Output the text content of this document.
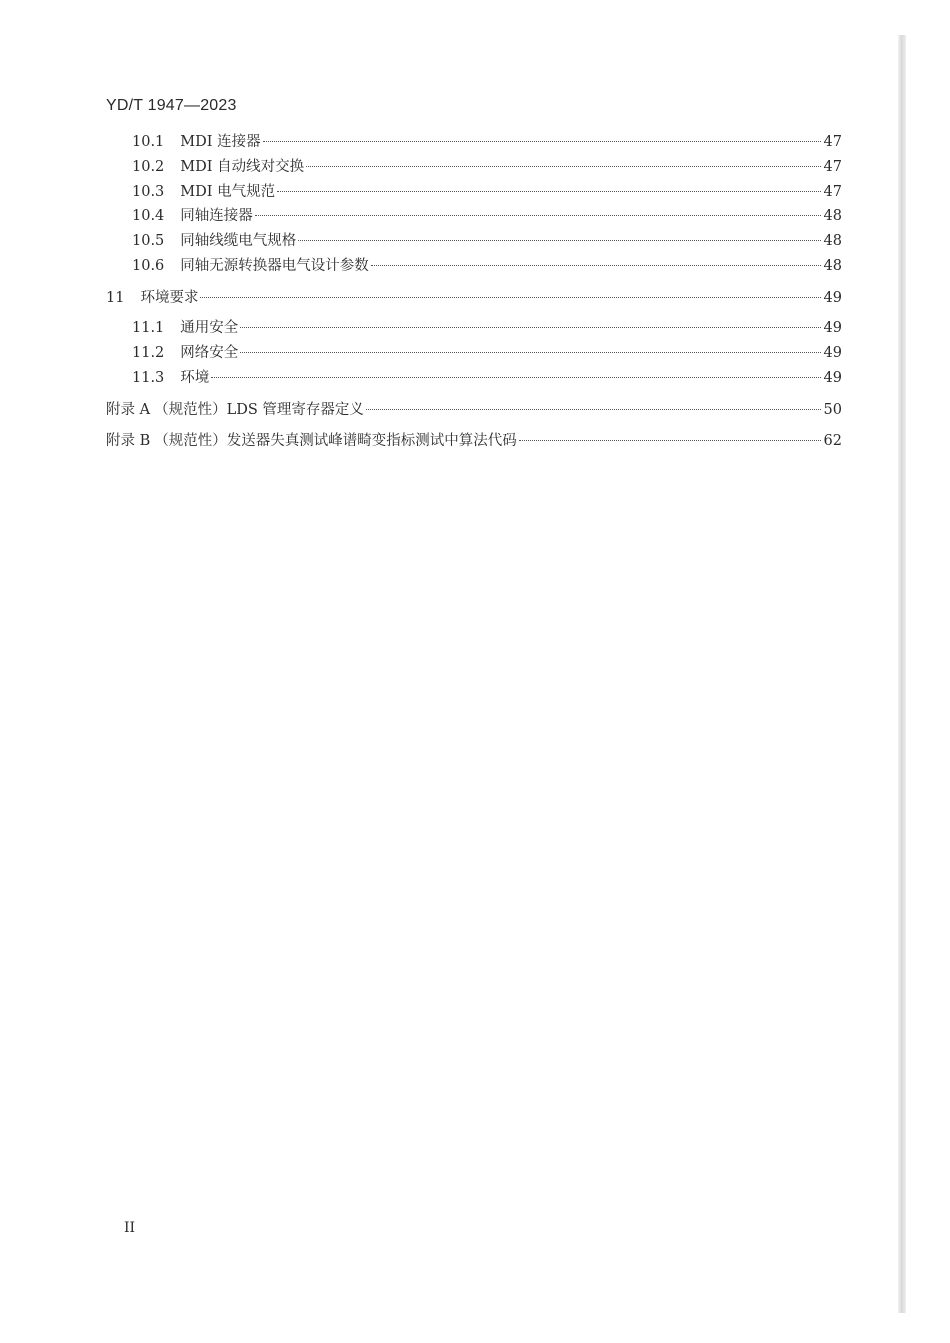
YD/T 1947—2023
10.1 MDI 连接器	47
10.2 MDI 自动线对交换	47
10.3 MDI 电气规范	47
10.4 同轴连接器	48
10.5 同轴线缆电气规格	48
10.6 同轴无源转换器电气设计参数	48
11 环境要求	49
11.1 通用安全	49
11.2 网络安全	49
11.3 环境	49
附录 A （规范性）LDS 管理寄存器定义	50
附录 B （规范性）发送器失真测试峰谱畸变指标测试中算法代码	62
II
